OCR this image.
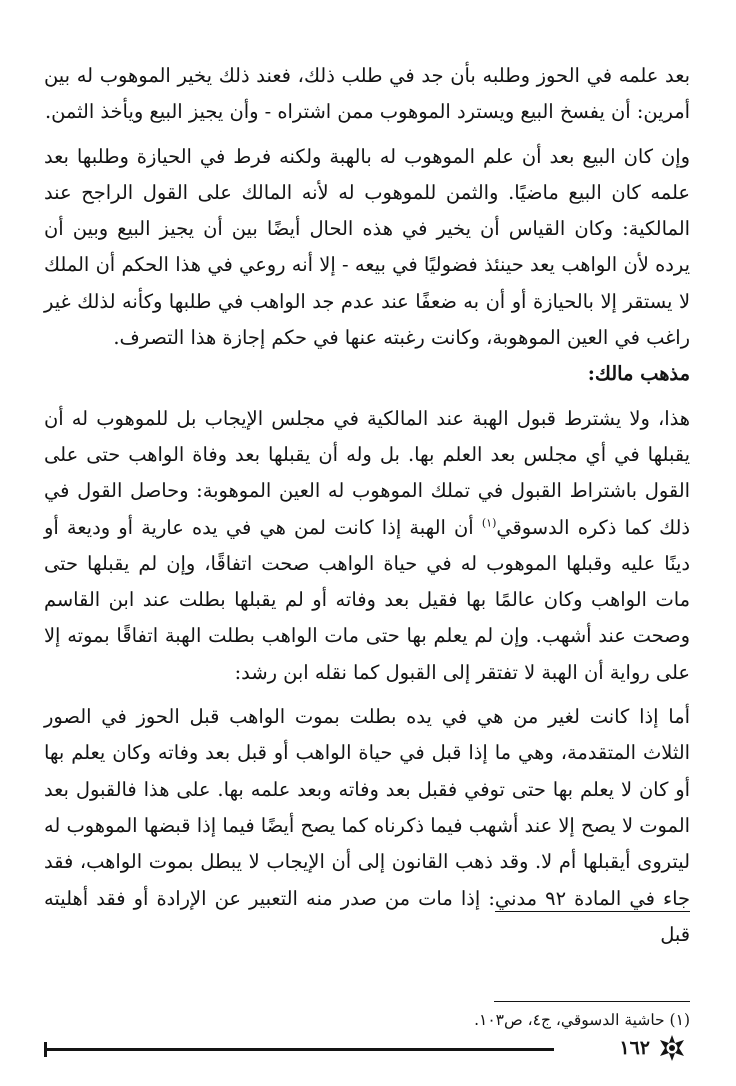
بعد علمه في الحوز وطلبه بأن جد في طلب ذلك، فعند ذلك يخير الموهوب له بين أمرين: أن يفسخ البيع ويسترد الموهوب ممن اشتراه - وأن يجيز البيع ويأخذ الثمن.

وإن كان البيع بعد أن علم الموهوب له بالهبة ولكنه فرط في الحيازة وطلبها بعد علمه كان البيع ماضيًا. والثمن للموهوب له لأنه المالك على القول الراجح عند المالكية: وكان القياس أن يخير في هذه الحال أيضًا بين أن يجيز البيع وبين أن يرده لأن الواهب يعد حينئذ فضوليًا في بيعه - إلا أنه روعي في هذا الحكم أن الملك لا يستقر إلا بالحيازة أو أن به ضعفًا عند عدم جد الواهب في طلبها وكأنه لذلك غير راغب في العين الموهوبة، وكانت رغبته عنها في حكم إجازة هذا التصرف.

مذهب مالك:

هذا، ولا يشترط قبول الهبة عند المالكية في مجلس الإيجاب بل للموهوب له أن يقبلها في أي مجلس بعد العلم بها. بل وله أن يقبلها بعد وفاة الواهب حتى على القول باشتراط القبول في تملك الموهوب له العين الموهوبة: وحاصل القول في ذلك كما ذكره الدسوقي$^{(١)}$ أن الهبة إذا كانت لمن هي في يده عارية أو وديعة أو دينًا عليه وقبلها الموهوب له في حياة الواهب صحت اتفاقًا، وإن لم يقبلها حتى مات الواهب وكان عالمًا بها فقيل بعد وفاته أو لم يقبلها بطلت عند ابن القاسم وصحت عند أشهب. وإن لم يعلم بها حتى مات الواهب بطلت الهبة اتفاقًا بموته إلا على رواية أن الهبة لا تفتقر إلى القبول كما نقله ابن رشد:

أما إذا كانت لغير من هي في يده بطلت بموت الواهب قبل الحوز في الصور الثلاث المتقدمة، وهي ما إذا قبل في حياة الواهب أو قبل بعد وفاته وكان يعلم بها أو كان لا يعلم بها حتى توفي فقبل بعد وفاته وبعد علمه بها. على هذا فالقبول بعد الموت لا يصح إلا عند أشهب فيما ذكرناه كما يصح أيضًا فيما إذا قبضها الموهوب له ليتروى أيقبلها أم لا. وقد ذهب القانون إلى أن الإيجاب لا يبطل بموت الواهب، فقد جاء في المادة ٩٢ مدني: إذا مات من صدر منه التعبير عن الإرادة أو فقد أهليته قبل

(١) حاشية الدسوقي، ج٤، ص١٠٣.
١٦٢
